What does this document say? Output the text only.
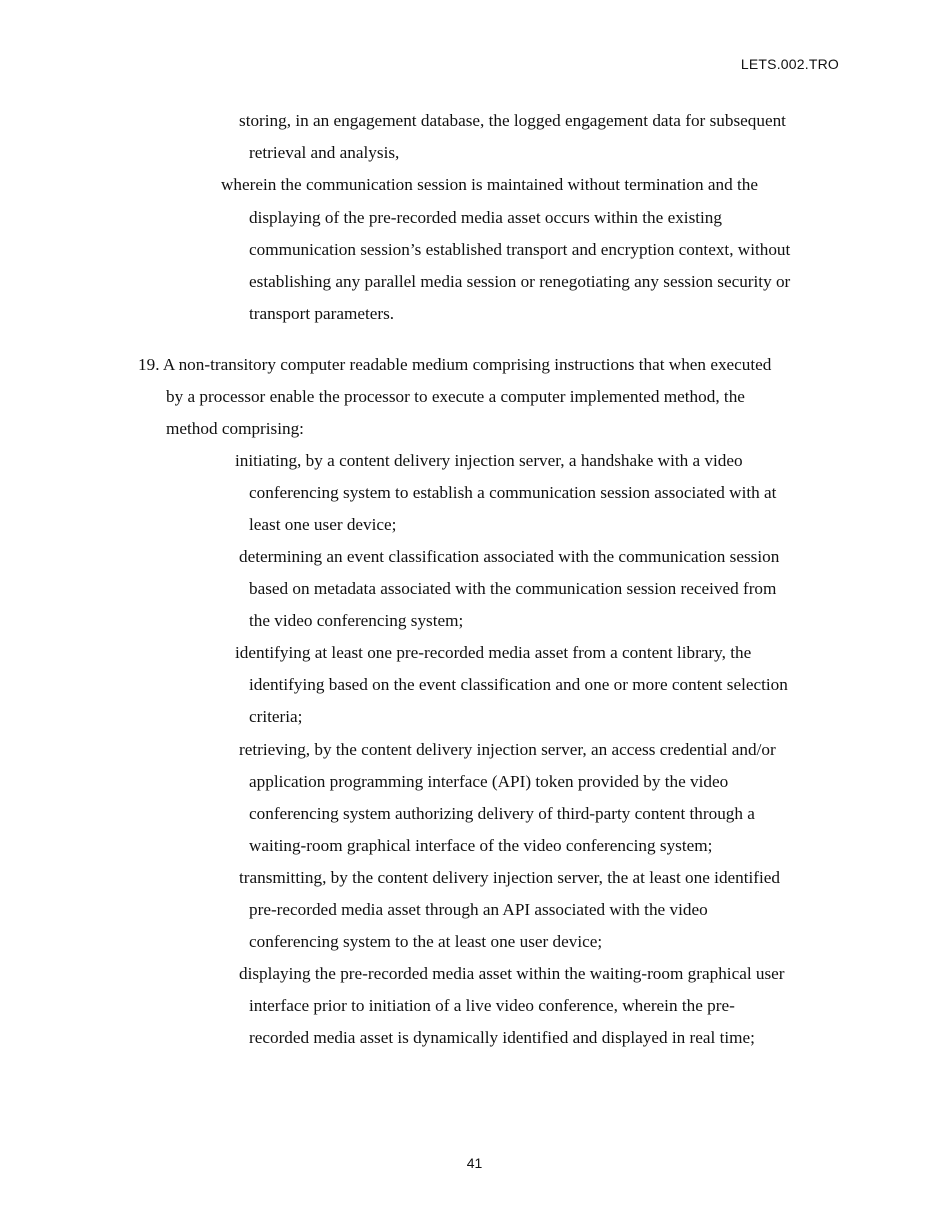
LETS.002.TRO
storing, in an engagement database, the logged engagement data for subsequent
retrieval and analysis,
wherein the communication session is maintained without termination and the
displaying of the pre-recorded media asset occurs within the existing
communication session’s established transport and encryption context, without
establishing any parallel media session or renegotiating any session security or
transport parameters.
19. A non-transitory computer readable medium comprising instructions that when executed
by a processor enable the processor to execute a computer implemented method, the
method comprising:
initiating, by a content delivery injection server, a handshake with a video
conferencing system to establish a communication session associated with at
least one user device;
determining an event classification associated with the communication session
based on metadata associated with the communication session received from
the video conferencing system;
identifying at least one pre-recorded media asset from a content library, the
identifying based on the event classification and one or more content selection
criteria;
retrieving, by the content delivery injection server, an access credential and/or
application programming interface (API) token provided by the video
conferencing system authorizing delivery of third-party content through a
waiting-room graphical interface of the video conferencing system;
transmitting, by the content delivery injection server, the at least one identified
pre-recorded media asset through an API associated with the video
conferencing system to the at least one user device;
displaying the pre-recorded media asset within the waiting-room graphical user
interface prior to initiation of a live video conference, wherein the pre-
recorded media asset is dynamically identified and displayed in real time;
41
